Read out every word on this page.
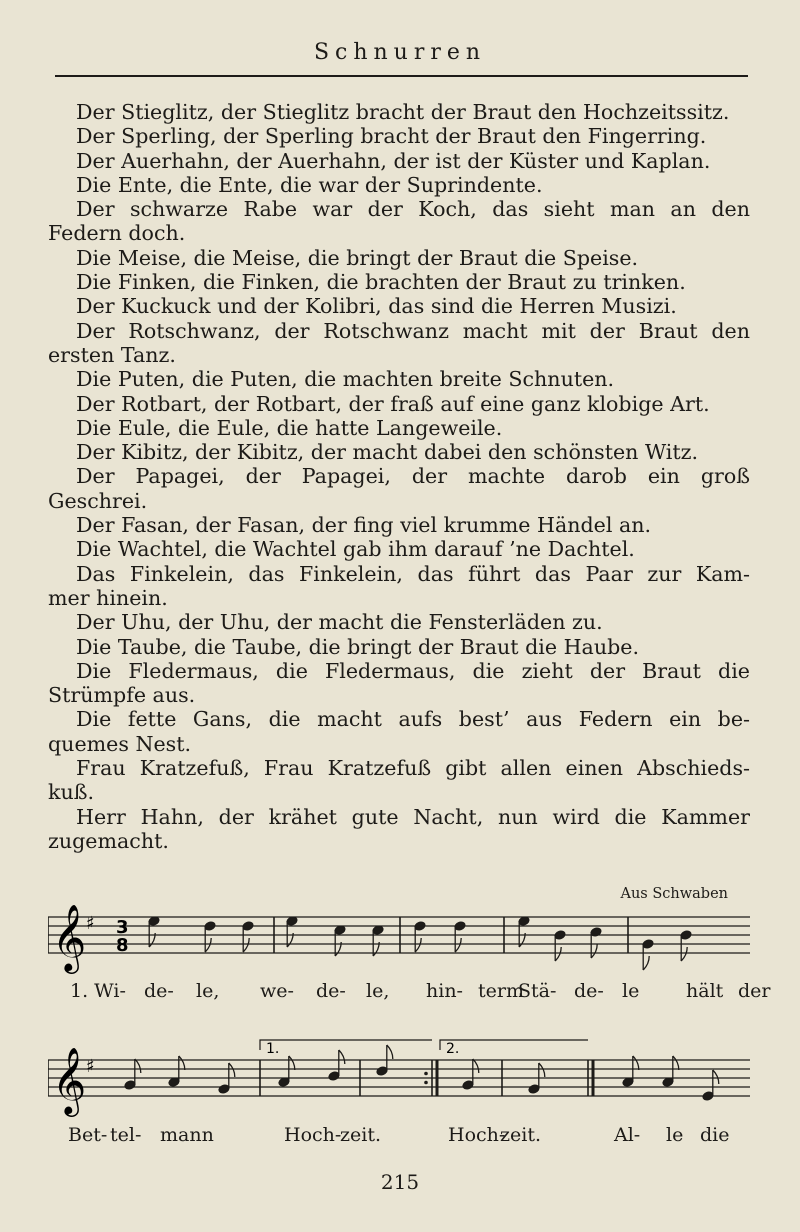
Schnurren

Der Stieglitz, der Stieglitz bracht der Braut den Hochzeitssitz.

Der Sperling, der Sperling bracht der Braut den Fingerring.

Der Auerhahn, der Auerhahn, der ist der Küster und Kaplan.

Die Ente, die Ente, die war der Suprindente.

Der schwarze Rabe war der Koch, das sieht man an den

Federn doch.

Die Meise, die Meise, die bringt der Braut die Speise.

Die Finken, die Finken, die brachten der Braut zu trinken.

Der Kuckuck und der Kolibri, das sind die Herren Musizi.

Der Rotschwanz, der Rotschwanz macht mit der Braut den

ersten Tanz.

Die Puten, die Puten, die machten breite Schnuten.

Der Rotbart, der Rotbart, der fraß auf eine ganz klobige Art.

Die Eule, die Eule, die hatte Langeweile.

Der Kibitz, der Kibitz, der macht dabei den schönsten Witz.

Der Papagei, der Papagei, der machte darob ein groß

Geschrei.

Der Fasan, der Fasan, der fing viel krumme Händel an.

Die Wachtel, die Wachtel gab ihm darauf ’ne Dachtel.

Das Finkelein, das Finkelein, das führt das Paar zur Kam-

mer hinein.

Der Uhu, der Uhu, der macht die Fensterläden zu.

Die Taube, die Taube, die bringt der Braut die Haube.

Die Fledermaus, die Fledermaus, die zieht der Braut die

Strümpfe aus.

Die fette Gans, die macht aufs best’ aus Federn ein be-

quemes Nest.

Frau Kratzefuß, Frau Kratzefuß gibt allen einen Abschieds-

kuß.

Herr Hahn, der krähet gute Nacht, nun wird die Kammer

zugemacht.

Aus Schwaben
𝄞 ♯ 3
8
1. Wi- de- le, we- de- le, hin- term
Stä- de- le hält der
1.	2.
𝄞 ♯
Bet- tel- mann	Hoch-
zeit.	Hoch-
zeit.	Al- le die
215
